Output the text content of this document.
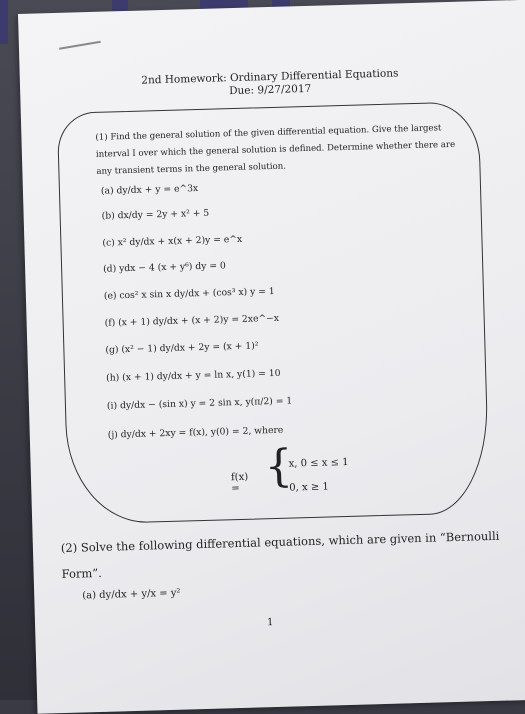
2nd Homework: Ordinary Differential Equations
Due: 9/27/2017
(1) Find the general solution of the given differential equation. Give the largest interval I over which the general solution is defined. Determine whether there are any transient terms in the general solution.
(a) dy/dx + y = e^3x
(b) dx/dy = 2y + x² + 5
(c) x² dy/dx + x(x + 2)y = e^x
(d) ydx − 4 (x + y⁶) dy = 0
(e) cos² x sin x dy/dx + (cos³ x) y = 1
(f) (x + 1) dy/dx + (x + 2)y = 2xe^−x
(g) (x² − 1) dy/dx + 2y = (x + 1)²
(h) (x + 1) dy/dx + y = ln x, y(1) = 10
(i) dy/dx − (sin x) y = 2 sin x, y(π/2) = 1
(j) dy/dx + 2xy = f(x), y(0) = 2, where
f(x) = {
x, 0 ≤ x ≤ 1
0, x ≥ 1
(2) Solve the following differential equations, which are given in “Bernoulli Form”.
(a) dy/dx + y/x = y²
1
